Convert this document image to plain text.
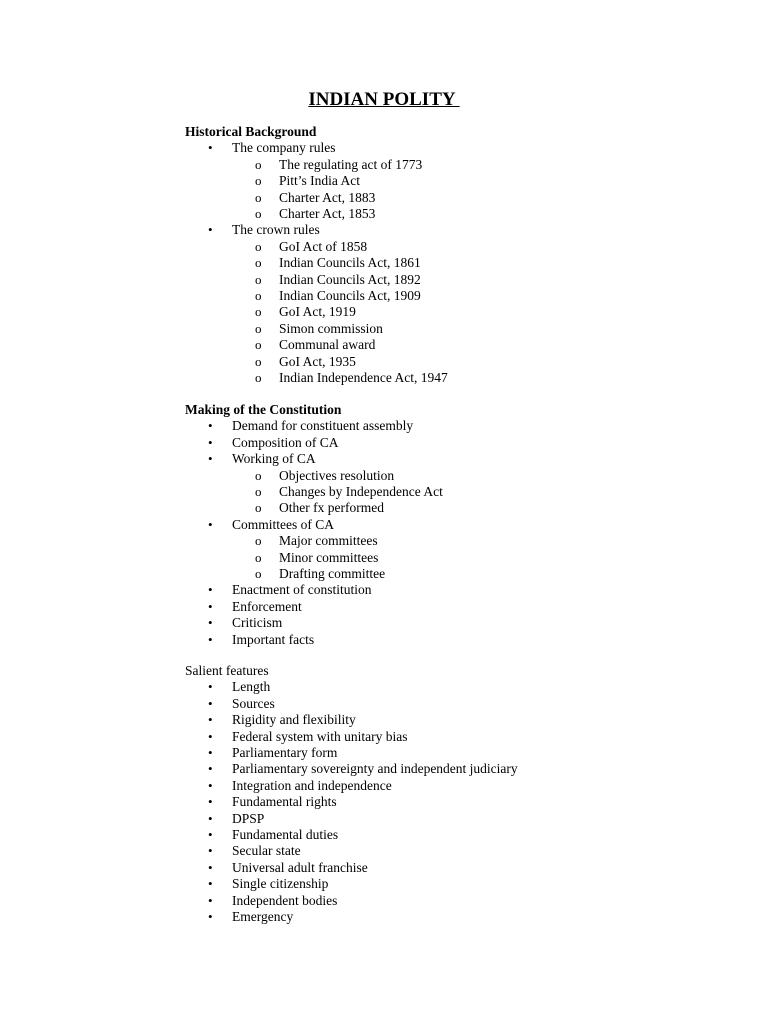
INDIAN POLITY
Historical Background
• The company rules
o The regulating act of 1773
o Pitt’s India Act
o Charter Act, 1883
o Charter Act, 1853
• The crown rules
o GoI Act of 1858
o Indian Councils Act, 1861
o Indian Councils Act, 1892
o Indian Councils Act, 1909
o GoI Act, 1919
o Simon commission
o Communal award
o GoI Act, 1935
o Indian Independence Act, 1947
Making of the Constitution
• Demand for constituent assembly
• Composition of CA
• Working of CA
o Objectives resolution
o Changes by Independence Act
o Other fx performed
• Committees of CA
o Major committees
o Minor committees
o Drafting committee
• Enactment of constitution
• Enforcement
• Criticism
• Important facts
Salient features
• Length
• Sources
• Rigidity and flexibility
• Federal system with unitary bias
• Parliamentary form
• Parliamentary sovereignty and independent judiciary
• Integration and independence
• Fundamental rights
• DPSP
• Fundamental duties
• Secular state
• Universal adult franchise
• Single citizenship
• Independent bodies
• Emergency
